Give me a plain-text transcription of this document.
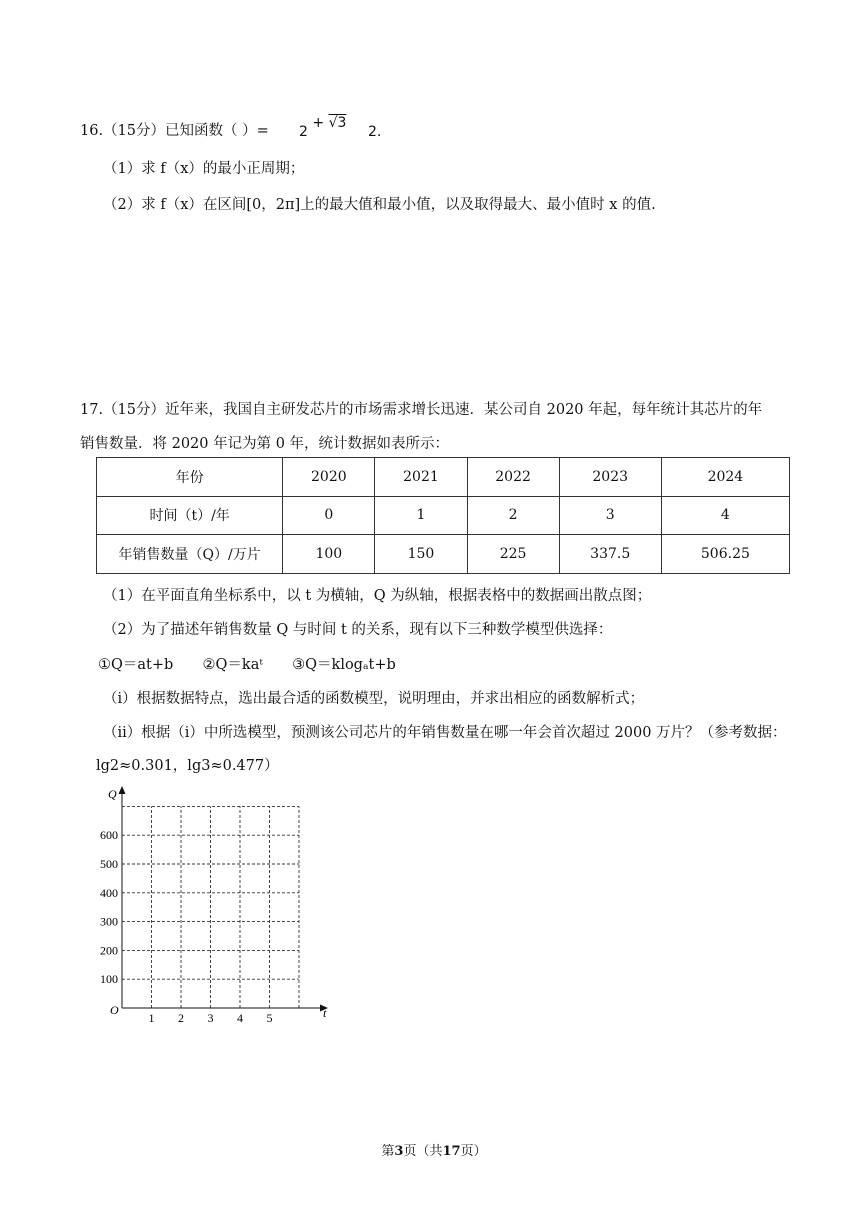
16.（15分）已知函数（ ）= 2 + √3
2.
（1）求 f（x）的最小正周期；
（2）求 f（x）在区间[0，2π]上的最大值和最小值，以及取得最大、最小值时 x 的值.
17.（15分）近年来，我国自主研发芯片的市场需求增长迅速．某公司自 2020 年起，每年统计其芯片的年
销售数量．将 2020 年记为第 0 年，统计数据如表所示：
年份	2020	2021	2022	2023	2024
时间（t）/年	0	1	2	3	4
年销售数量（Q）/万片	100	150	225	337.5	506.25
（1）在平面直角坐标系中，以 t 为横轴，Q 为纵轴，根据表格中的数据画出散点图；
（2）为了描述年销售数量 Q 与时间 t 的关系，现有以下三种数学模型供选择：
①Q＝at+b ②Q＝kaᵗ ③Q＝klogₐt+b
（i）根据数据特点，选出最合适的函数模型，说明理由，并求出相应的函数解析式；
（ii）根据（i）中所选模型，预测该公司芯片的年销售数量在哪一年会首次超过 2000 万片？（参考数据：
lg2≈0.301，lg3≈0.477）
Q
t
O
100
200
300
400
500
600
1 2 3 4 5
第3页（共17页）
